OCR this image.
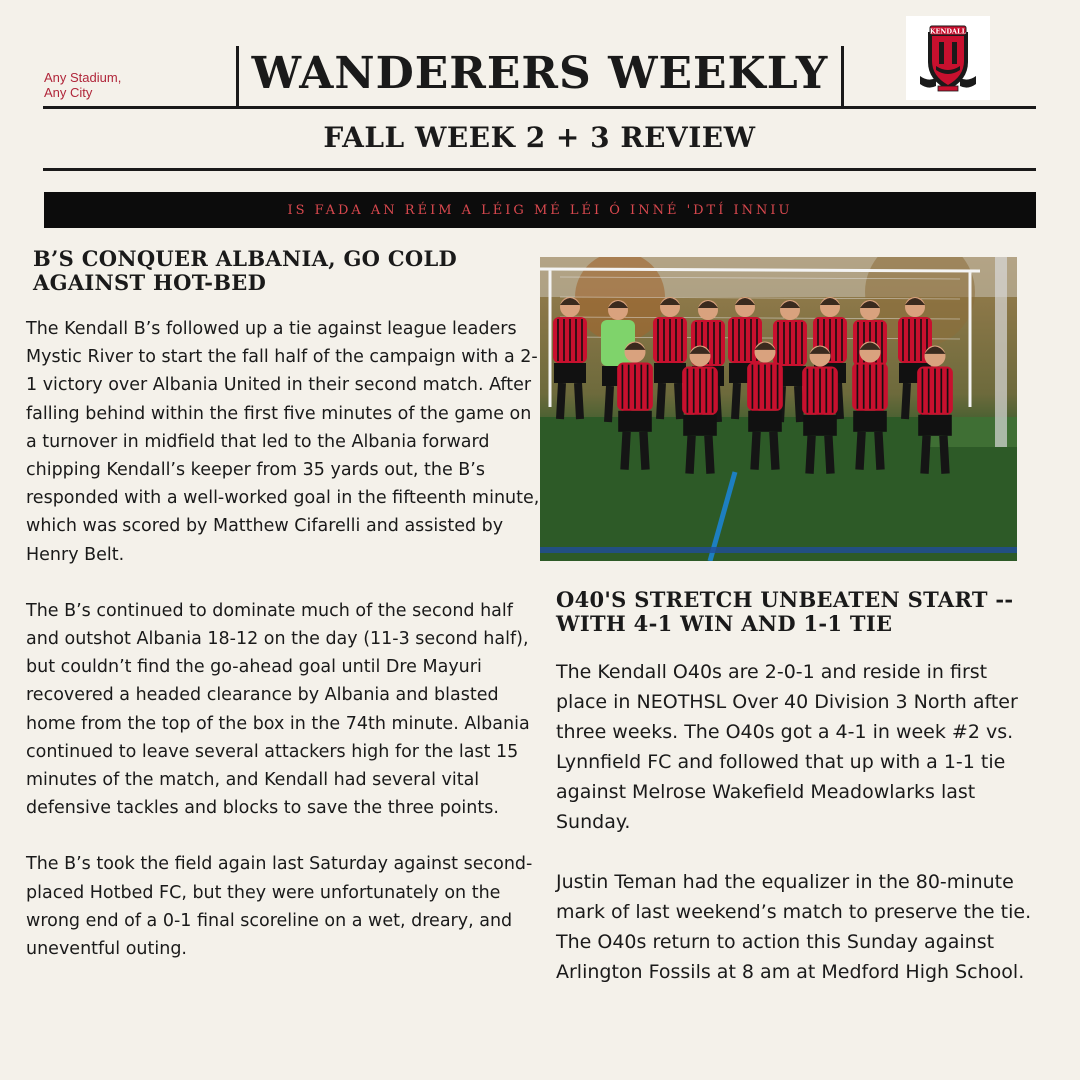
Any Stadium,
Any City	WANDERERS WEEKLY
KENDALL
FALL WEEK 2 + 3 REVIEW
IS FADA AN RÉIM A LÉIG MÉ LÉI Ó INNÉ 'DTÍ INNIU
B’S CONQUER ALBANIA, GO COLD AGAINST HOT-BED

The Kendall B’s followed up a tie against league leaders Mystic River to start the fall half of the campaign with a 2-1 victory over Albania United in their second match. After falling behind within the first five minutes of the game on a turnover in midfield that led to the Albania forward chipping Kendall’s keeper from 35 yards out, the B’s responded with a well-worked goal in the fifteenth minute, which was scored by Matthew Cifarelli and assisted by Henry Belt.

The B’s continued to dominate much of the second half and outshot Albania 18-12 on the day (11-3 second half), but couldn’t find the go-ahead goal until Dre Mayuri recovered a headed clearance by Albania and blasted home from the top of the box in the 74th minute. Albania continued to leave several attackers high for the last 15 minutes of the match, and Kendall had several vital defensive tackles and blocks to save the three points.

The B’s took the field again last Saturday against second-placed Hotbed FC, but they were unfortunately on the wrong end of a 0-1 final scoreline on a wet, dreary, and uneventful outing.

O40'S STRETCH UNBEATEN START -- WITH 4-1 WIN AND 1-1 TIE

The Kendall O40s are 2-0-1 and reside in first place in NEOTHSL Over 40 Division 3 North after three weeks. The O40s got a 4-1 in week #2 vs. Lynnfield FC and followed that up with a 1-1 tie against Melrose Wakefield Meadowlarks last Sunday.

Justin Teman had the equalizer in the 80-minute mark of last weekend’s match to preserve the tie. The O40s return to action this Sunday against Arlington Fossils at 8 am at Medford High School.
